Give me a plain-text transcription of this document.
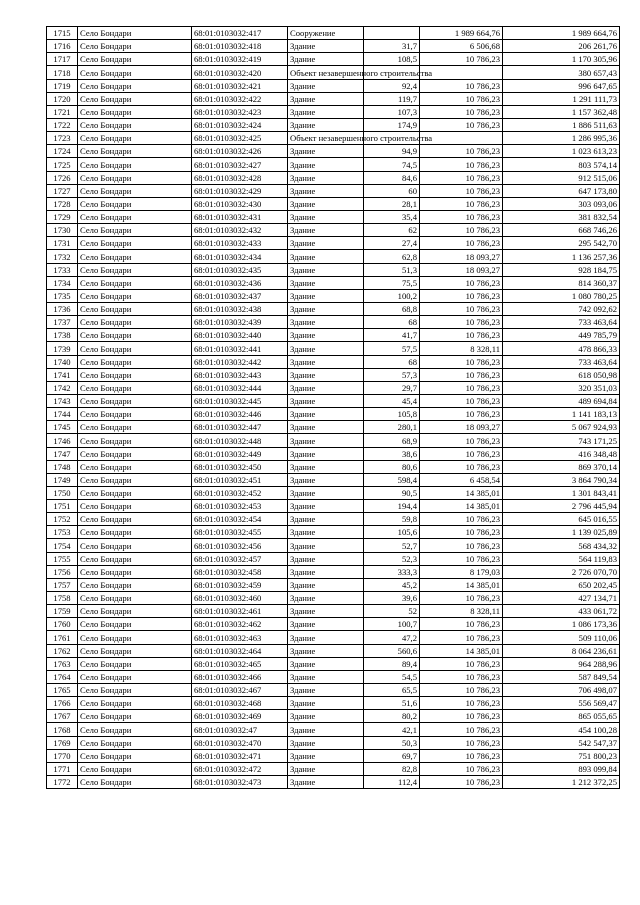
1715	Село Бондари	68:01:0103032:417	Сооружение		1 989 664,76	1 989 664,76
1716	Село Бондари	68:01:0103032:418	Здание	31,7	6 506,68	206 261,76
1717	Село Бондари	68:01:0103032:419	Здание	108,5	10 786,23	1 170 305,96
1718	Село Бондари	68:01:0103032:420	Объект незавершенного строительства			380 657,43
1719	Село Бондари	68:01:0103032:421	Здание	92,4	10 786,23	996 647,65
1720	Село Бондари	68:01:0103032:422	Здание	119,7	10 786,23	1 291 111,73
1721	Село Бондари	68:01:0103032:423	Здание	107,3	10 786,23	1 157 362,48
1722	Село Бондари	68:01:0103032:424	Здание	174,9	10 786,23	1 886 511,63
1723	Село Бондари	68:01:0103032:425	Объект незавершенного строительства			1 286 995,36
1724	Село Бондари	68:01:0103032:426	Здание	94,9	10 786,23	1 023 613,23
1725	Село Бондари	68:01:0103032:427	Здание	74,5	10 786,23	803 574,14
1726	Село Бондари	68:01:0103032:428	Здание	84,6	10 786,23	912 515,06
1727	Село Бондари	68:01:0103032:429	Здание	60	10 786,23	647 173,80
1728	Село Бондари	68:01:0103032:430	Здание	28,1	10 786,23	303 093,06
1729	Село Бондари	68:01:0103032:431	Здание	35,4	10 786,23	381 832,54
1730	Село Бондари	68:01:0103032:432	Здание	62	10 786,23	668 746,26
1731	Село Бондари	68:01:0103032:433	Здание	27,4	10 786,23	295 542,70
1732	Село Бондари	68:01:0103032:434	Здание	62,8	18 093,27	1 136 257,36
1733	Село Бондари	68:01:0103032:435	Здание	51,3	18 093,27	928 184,75
1734	Село Бондари	68:01:0103032:436	Здание	75,5	10 786,23	814 360,37
1735	Село Бондари	68:01:0103032:437	Здание	100,2	10 786,23	1 080 780,25
1736	Село Бондари	68:01:0103032:438	Здание	68,8	10 786,23	742 092,62
1737	Село Бондари	68:01:0103032:439	Здание	68	10 786,23	733 463,64
1738	Село Бондари	68:01:0103032:440	Здание	41,7	10 786,23	449 785,79
1739	Село Бондари	68:01:0103032:441	Здание	57,5	8 328,11	478 866,33
1740	Село Бондари	68:01:0103032:442	Здание	68	10 786,23	733 463,64
1741	Село Бондари	68:01:0103032:443	Здание	57,3	10 786,23	618 050,98
1742	Село Бондари	68:01:0103032:444	Здание	29,7	10 786,23	320 351,03
1743	Село Бондари	68:01:0103032:445	Здание	45,4	10 786,23	489 694,84
1744	Село Бондари	68:01:0103032:446	Здание	105,8	10 786,23	1 141 183,13
1745	Село Бондари	68:01:0103032:447	Здание	280,1	18 093,27	5 067 924,93
1746	Село Бондари	68:01:0103032:448	Здание	68,9	10 786,23	743 171,25
1747	Село Бондари	68:01:0103032:449	Здание	38,6	10 786,23	416 348,48
1748	Село Бондари	68:01:0103032:450	Здание	80,6	10 786,23	869 370,14
1749	Село Бондари	68:01:0103032:451	Здание	598,4	6 458,54	3 864 790,34
1750	Село Бондари	68:01:0103032:452	Здание	90,5	14 385,01	1 301 843,41
1751	Село Бондари	68:01:0103032:453	Здание	194,4	14 385,01	2 796 445,94
1752	Село Бондари	68:01:0103032:454	Здание	59,8	10 786,23	645 016,55
1753	Село Бондари	68:01:0103032:455	Здание	105,6	10 786,23	1 139 025,89
1754	Село Бондари	68:01:0103032:456	Здание	52,7	10 786,23	568 434,32
1755	Село Бондари	68:01:0103032:457	Здание	52,3	10 786,23	564 119,83
1756	Село Бондари	68:01:0103032:458	Здание	333,3	8 179,03	2 726 070,70
1757	Село Бондари	68:01:0103032:459	Здание	45,2	14 385,01	650 202,45
1758	Село Бондари	68:01:0103032:460	Здание	39,6	10 786,23	427 134,71
1759	Село Бондари	68:01:0103032:461	Здание	52	8 328,11	433 061,72
1760	Село Бондари	68:01:0103032:462	Здание	100,7	10 786,23	1 086 173,36
1761	Село Бондари	68:01:0103032:463	Здание	47,2	10 786,23	509 110,06
1762	Село Бондари	68:01:0103032:464	Здание	560,6	14 385,01	8 064 236,61
1763	Село Бондари	68:01:0103032:465	Здание	89,4	10 786,23	964 288,96
1764	Село Бондари	68:01:0103032:466	Здание	54,5	10 786,23	587 849,54
1765	Село Бондари	68:01:0103032:467	Здание	65,5	10 786,23	706 498,07
1766	Село Бондари	68:01:0103032:468	Здание	51,6	10 786,23	556 569,47
1767	Село Бондари	68:01:0103032:469	Здание	80,2	10 786,23	865 055,65
1768	Село Бондари	68:01:0103032:47	Здание	42,1	10 786,23	454 100,28
1769	Село Бондари	68:01:0103032:470	Здание	50,3	10 786,23	542 547,37
1770	Село Бондари	68:01:0103032:471	Здание	69,7	10 786,23	751 800,23
1771	Село Бондари	68:01:0103032:472	Здание	82,8	10 786,23	893 099,84
1772	Село Бондари	68:01:0103032:473	Здание	112,4	10 786,23	1 212 372,25
